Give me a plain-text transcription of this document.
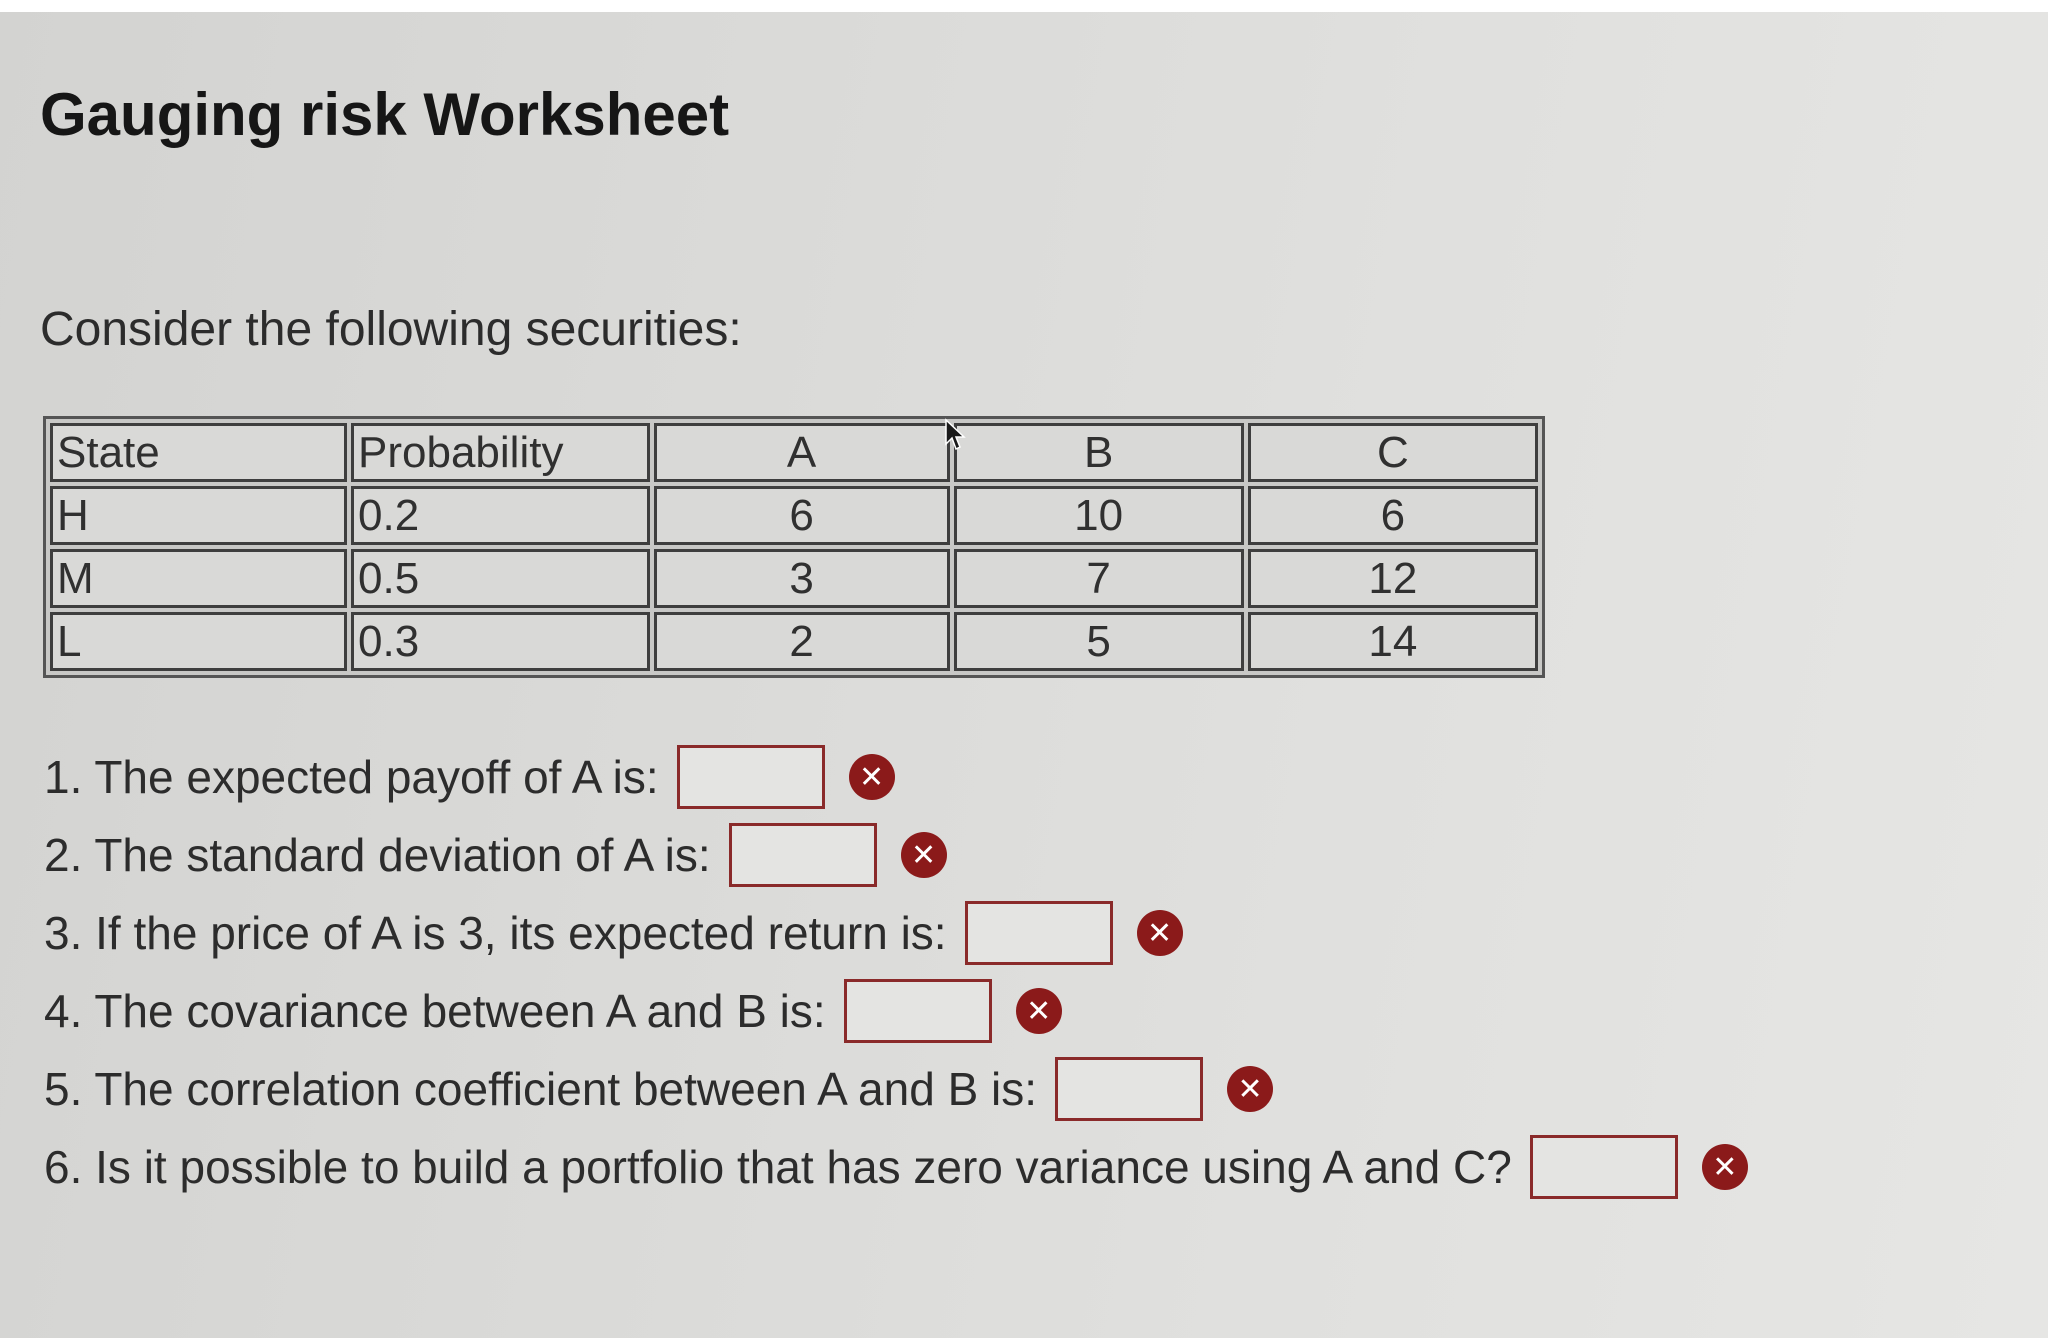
Gauging risk Worksheet
Consider the following securities:
State	Probability	A	B	C
H	0.2	6	10	6
M	0.5	3	7	12
L	0.3	2	5	14
1. The expected payoff of A is:	✕
2. The standard deviation of A is:	✕
3. If the price of A is 3, its expected return is:	✕
4. The covariance between A and B is:	✕
5. The correlation coefficient between A and B is:	✕
6. Is it possible to build a portfolio that has zero variance using A and C?	✕
